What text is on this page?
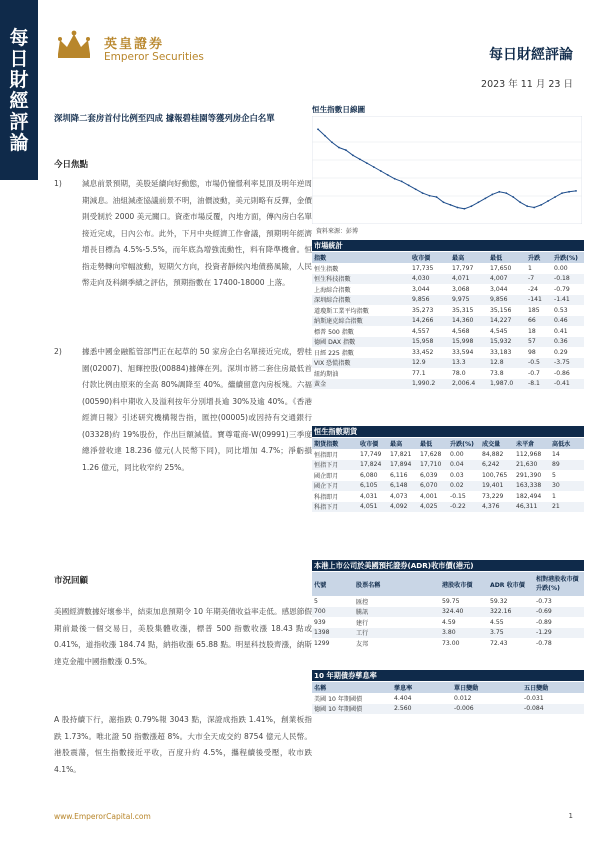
每
日
財
經
評
論
英皇證券
Emperor Securities	每日財經評論
2023 年 11 月 23 日
深圳降二套房首付比例至四成 據報碧桂園等獲列房企白名單
今日焦點
1)	減息前景預期，美股延續向好動態，市場仍憧憬利率見頂及明年逆周期減息。油組減產協議前景不明，油價波動，美元則略有反彈，金價則受制於 2000 美元關口。資產市場反覆，內地方面，傳內房白名單接近完成，日內公布。此外，下月中央經濟工作會議，預期明年經濟增長目標為 4.5%-5.5%，而年底為增強流動性，料有降準機會。恒指走勢轉向窄幅波動，短期欠方向，投資者靜候內地債務風險，人民幣走向及科網季績之評估，預期指數在 17400-18000 上落。
2)	據悉中國金融監管部門正在起草的 50 家房企白名單接近完成，碧桂園(02007)、旭輝控股(00884)據傳在列。深圳市將二套住房最低首付款比例由原來的全高 80%調降至 40%。繼續留意內房板塊。六福(00590)料中期收入及溢利按年分別增長逾 30%及逾 40%。《香港經濟日報》引述研究機構報告指，匯控(00005)或因持有交通銀行(03328)約 19%股份，作出巨額減值。寶尊電商-W(09991)三季度總淨營收達 18.236 億元(人民幣下同)，同比增加 4.7%；淨虧損 1.26 億元，同比收窄約 25%。
市況回顧
美國經濟數據好壞參半，結束加息預期令 10 年期美債收益率走低。感恩節假期前最後一個交易日，美股集體收漲，標普 500 指數收漲 18.43 點或 0.41%，道指收漲 184.74 點，納指收漲 65.88 點。明星科技股齊漲，納斯達克金龍中國指數漲 0.5%。
A 股持續下行，滬指跌 0.79%報 3043 點，深證成指跌 1.41%，創業板指跌 1.73%。唯北證 50 指數漲超 8%。大市全天成交約 8754 億元人民幣。港股震蕩，恒生指數接近平收，百度升約 4.5%，攜程續後受壓，收市跌 4.1%。
恒生指數日線圖
資料來源：彭博
市場統計
指數	收市價	最高	最低	升跌	升跌(%)
恒生指數	17,735	17,797	17,650	1	0.00
恒生科技指數	4,030	4,071	4,007	-7	-0.18
上海綜合指數	3,044	3,068	3,044	-24	-0.79
深圳綜合指數	9,856	9,975	9,856	-141	-1.41
道瓊斯工業平均指數	35,273	35,315	35,156	185	0.53
納斯達克綜合指數	14,266	14,360	14,227	66	0.46
標普 500 指數	4,557	4,568	4,545	18	0.41
德國 DAX 指數	15,958	15,998	15,932	57	0.36
日經 225 指數	33,452	33,594	33,183	98	0.29
VIX 恐慌指數	12.9	13.3	12.8	-0.5	-3.75
紐約期油	77.1	78.0	73.8	-0.7	-0.86
黃金	1,990.2	2,006.4	1,987.0	-8.1	-0.41
恒生指數期貨
期貨指數	收市價	最高	最低	升跌(%)	成交量	未平倉	高低水
恒指即月	17,749	17,821	17,628	0.00	84,882	112,968	14
恒指下月	17,824	17,894	17,710	0.04	6,242	21,630	89
國企即月	6,080	6,116	6,039	0.03	100,765	291,390	5
國企下月	6,105	6,148	6,070	0.02	19,401	163,338	30
科指即月	4,031	4,073	4,001	-0.15	73,229	182,494	1
科指下月	4,051	4,092	4,025	-0.22	4,376	46,311	21
本港上市公司於美國預托證券(ADR)收市價(港元)
代號	股票名稱	港股收市價	ADR 收市價	相對港股收市價升跌(%)
5	匯控	59.75	59.32	-0.73
700	騰訊	324.40	322.16	-0.69
939	建行	4.59	4.55	-0.89
1398	工行	3.80	3.75	-1.29
1299	友邦	73.00	72.43	-0.78
10 年期債券孳息率
名稱	孳息率	單日變動	五日變動
美國 10 年期國債	4.404	0.012	-0.031
德國 10 年期國債	2.560	-0.006	-0.084
www.EmperorCapital.com	1
